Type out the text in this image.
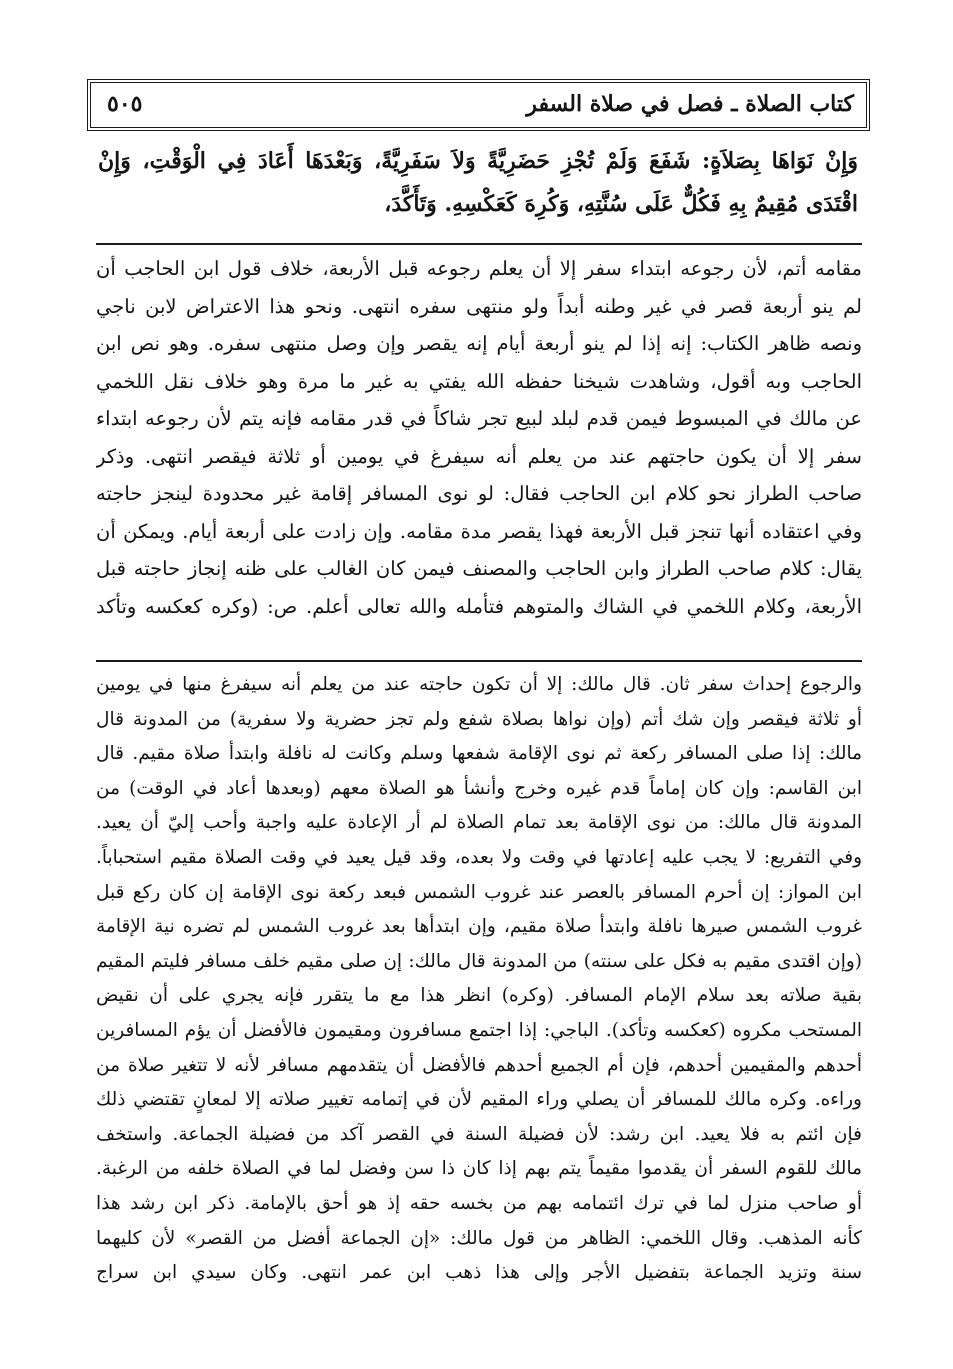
كتاب الصلاة ـ فصل في صلاة السفر
٥٠٥
وَإِنْ نَوَاهَا بِصَلاَةٍ: شَفَعَ وَلَمْ تُجْزِ حَضَرِيَّةً وَلاَ سَفَرِيَّةً، وَبَعْدَهَا أَعَادَ فِي الْوَقْتِ، وَإِنْ اقْتَدَى مُقِيمٌ بِهِ فَكُلٌّ عَلَى سُنَّتِهِ، وَكُرِهَ كَعَكْسِهِ. وَتَأَكَّدَ،
مقامه أتم، لأن رجوعه ابتداء سفر إلا أن يعلم رجوعه قبل الأربعة، خلاف قول ابن الحاجب أن
لم ينو أربعة قصر في غير وطنه أبداً ولو منتهى سفره انتهى. ونحو هذا الاعتراض لابن ناجي
ونصه ظاهر الكتاب: إنه إذا لم ينو أربعة أيام إنه يقصر وإن وصل منتهى سفره. وهو نص ابن
الحاجب وبه أقول، وشاهدت شيخنا حفظه الله يفتي به غير ما مرة وهو خلاف نقل اللخمي
عن مالك في المبسوط فيمن قدم لبلد لبيع تجر شاكاً في قدر مقامه فإنه يتم لأن رجوعه ابتداء
سفر إلا أن يكون حاجتهم عند من يعلم أنه سيفرغ في يومين أو ثلاثة فيقصر انتهى. وذكر
صاحب الطراز نحو كلام ابن الحاجب فقال: لو نوى المسافر إقامة غير محدودة لينجز حاجته
وفي اعتقاده أنها تنجز قبل الأربعة فهذا يقصر مدة مقامه. وإن زادت على أربعة أيام. ويمكن أن
يقال: كلام صاحب الطراز وابن الحاجب والمصنف فيمن كان الغالب على ظنه إنجاز حاجته قبل
الأربعة، وكلام اللخمي في الشاك والمتوهم فتأمله والله تعالى أعلم. ص: (وكره كعكسه وتأكد
والرجوع إحداث سفر ثان. قال مالك: إلا أن تكون حاجته عند من يعلم أنه سيفرغ منها في يومين
أو ثلاثة فيقصر وإن شك أتم (وإن نواها بصلاة شفع ولم تجز حضرية ولا سفرية) من المدونة قال
مالك: إذا صلى المسافر ركعة ثم نوى الإقامة شفعها وسلم وكانت له نافلة وابتدأ صلاة مقيم. قال
ابن القاسم: وإن كان إماماً قدم غيره وخرج وأنشأ هو الصلاة معهم (وبعدها أعاد في الوقت) من
المدونة قال مالك: من نوى الإقامة بعد تمام الصلاة لم أر الإعادة عليه واجبة وأحب إليّ أن يعيد.
وفي التفريع: لا يجب عليه إعادتها في وقت ولا بعده، وقد قيل يعيد في وقت الصلاة مقيم استحباباً.
ابن المواز: إن أحرم المسافر بالعصر عند غروب الشمس فبعد ركعة نوى الإقامة إن كان ركع قبل
غروب الشمس صيرها نافلة وابتدأ صلاة مقيم، وإن ابتدأها بعد غروب الشمس لم تضره نية الإقامة
(وإن اقتدى مقيم به فكل على سنته) من المدونة قال مالك: إن صلى مقيم خلف مسافر فليتم المقيم
بقية صلاته بعد سلام الإمام المسافر. (وكره) انظر هذا مع ما يتقرر فإنه يجري على أن نقيض
المستحب مكروه (كعكسه وتأكد). الباجي: إذا اجتمع مسافرون ومقيمون فالأفضل أن يؤم المسافرين
أحدهم والمقيمين أحدهم، فإن أم الجميع أحدهم فالأفضل أن يتقدمهم مسافر لأنه لا تتغير صلاة من
وراءه. وكره مالك للمسافر أن يصلي وراء المقيم لأن في إتمامه تغيير صلاته إلا لمعانٍ تقتضي ذلك
فإن ائتم به فلا يعيد. ابن رشد: لأن فضيلة السنة في القصر آكد من فضيلة الجماعة. واستخف
مالك للقوم السفر أن يقدموا مقيماً يتم بهم إذا كان ذا سن وفضل لما في الصلاة خلفه من الرغبة.
أو صاحب منزل لما في ترك ائتمامه بهم من بخسه حقه إذ هو أحق بالإمامة. ذكر ابن رشد هذا
كأنه المذهب. وقال اللخمي: الظاهر من قول مالك: «إن الجماعة أفضل من القصر» لأن كليهما
سنة وتزيد الجماعة بتفضيل الأجر وإلى هذا ذهب ابن عمر انتهى. وكان سيدي ابن سراج
